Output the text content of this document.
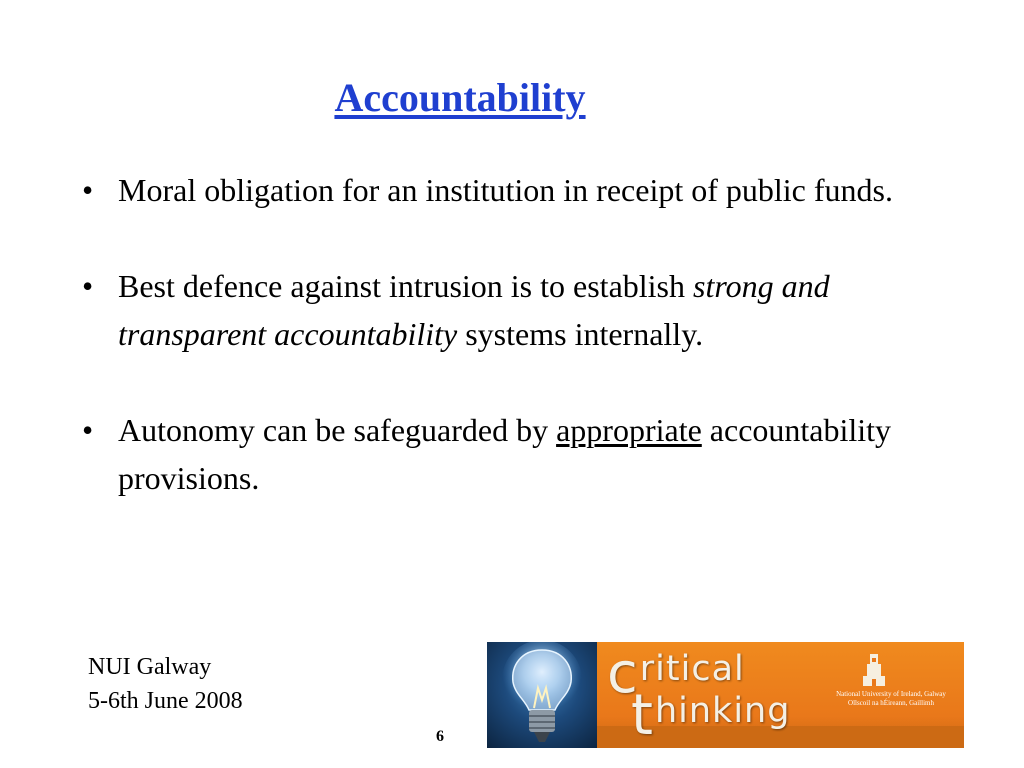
Accountability
• Moral obligation for an institution in receipt of public funds.
• Best defence against intrusion is to establish strong and transparent accountability systems internally.
• Autonomy can be safeguarded by appropriate accountability provisions.
NUI Galway
5-6th June 2008
6
critical
thinking	National University of Ireland, Galway
Ollscoil na hÉireann, Gaillimh
